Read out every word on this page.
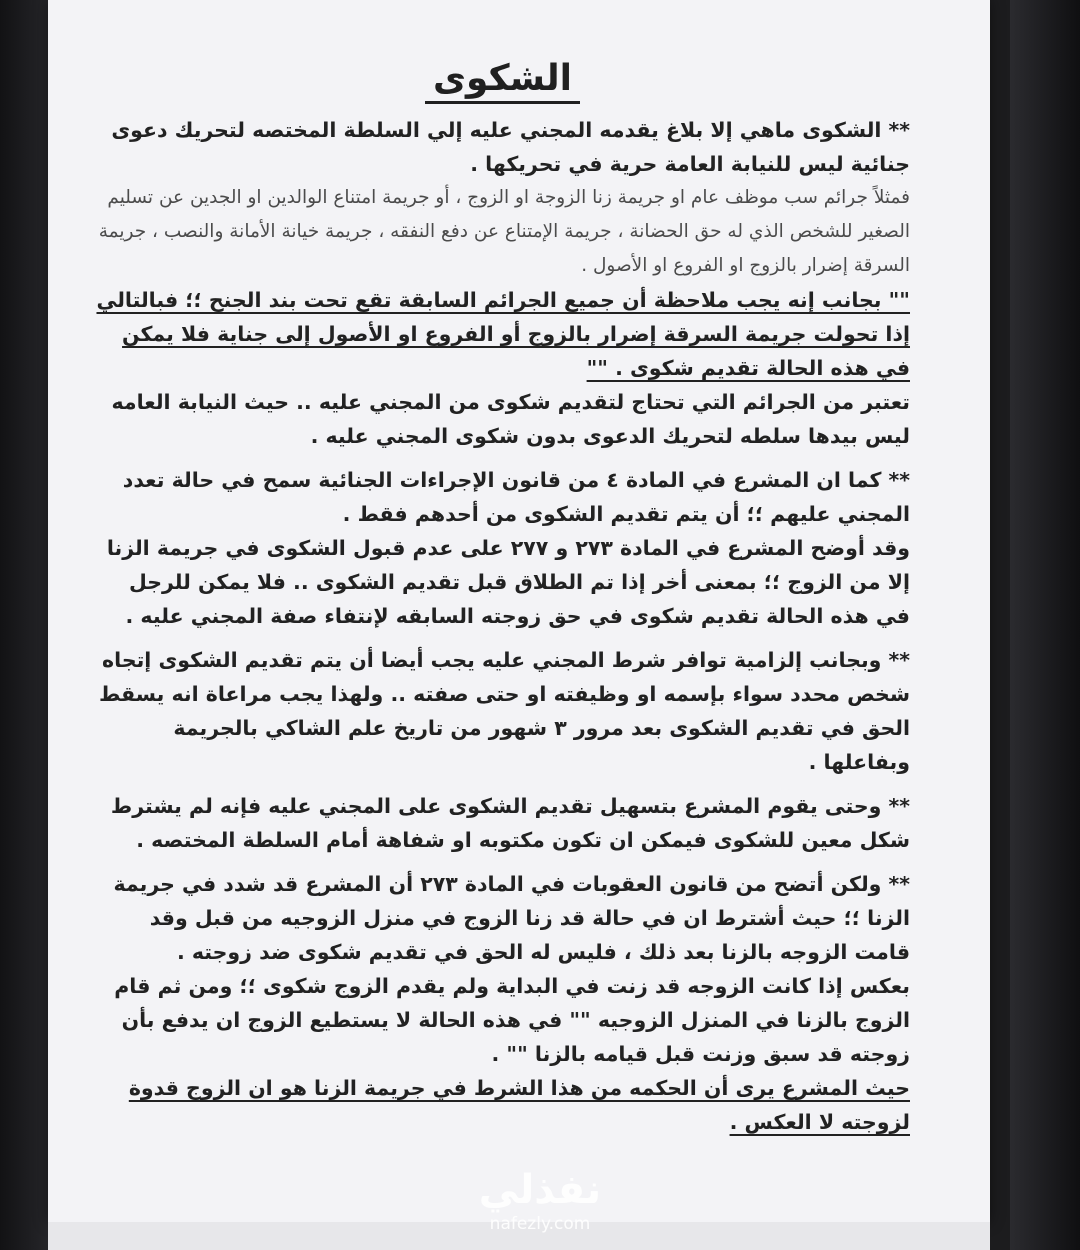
الشكوى

** الشكوى ماهي إلا بلاغ يقدمه المجني عليه إلي السلطة المختصه لتحريك دعوى جنائية ليس للنيابة العامة حرية في تحريكها .

فمثلاً جرائم سب موظف عام او جريمة زنا الزوجة او الزوج ، أو جريمة امتناع الوالدين او الجدين عن تسليم الصغير للشخص الذي له حق الحضانة ، جريمة الإمتناع عن دفع النفقه ، جريمة خيانة الأمانة والنصب ، جريمة السرقة إضرار بالزوج او الفروع او الأصول .

"" بجانب إنه يجب ملاحظة أن جميع الجرائم السابقة تقع تحت بند الجنح ؛؛ فبالتالي إذا تحولت جريمة السرقة إضرار بالزوج أو الفروع او الأصول إلى جناية فلا يمكن في هذه الحالة تقديم شكوى . ""

تعتبر من الجرائم التي تحتاج لتقديم شكوى من المجني عليه .. حيث النيابة العامه ليس بيدها سلطه لتحريك الدعوى بدون شكوى المجني عليه .

** كما ان المشرع في المادة ٤ من قانون الإجراءات الجنائية سمح في حالة تعدد المجني عليهم ؛؛ أن يتم تقديم الشكوى من أحدهم فقط .

وقد أوضح المشرع في المادة ٢٧٣ و ٢٧٧ على عدم قبول الشكوى في جريمة الزنا إلا من الزوج ؛؛ بمعنى أخر إذا تم الطلاق قبل تقديم الشكوى .. فلا يمكن للرجل في هذه الحالة تقديم شكوى في حق زوجته السابقه لإنتفاء صفة المجني عليه .

** وبجانب إلزامية توافر شرط المجني عليه يجب أيضا أن يتم تقديم الشكوى إتجاه شخص محدد سواء بإسمه او وظيفته او حتى صفته .. ولهذا يجب مراعاة انه يسقط الحق في تقديم الشكوى بعد مرور ٣ شهور من تاريخ علم الشاكي بالجريمة وبفاعلها .

** وحتى يقوم المشرع بتسهيل تقديم الشكوى على المجني عليه فإنه لم يشترط شكل معين للشكوى فيمكن ان تكون مكتوبه او شفاهة أمام السلطة المختصه .

** ولكن أتضح من قانون العقوبات في المادة ٢٧٣ أن المشرع قد شدد في جريمة الزنا ؛؛ حيث أشترط ان في حالة قد زنا الزوج في منزل الزوجيه من قبل وقد قامت الزوجه بالزنا بعد ذلك ، فليس له الحق في تقديم شكوى ضد زوجته .

بعكس إذا كانت الزوجه قد زنت في البداية ولم يقدم الزوج شكوى ؛؛ ومن ثم قام الزوج بالزنا في المنزل الزوجيه "" في هذه الحالة لا يستطيع الزوج ان يدفع بأن زوجته قد سبق وزنت قبل قيامه بالزنا "" .

حيث المشرع يرى أن الحكمه من هذا الشرط في جريمة الزنا هو ان الزوج قدوة لزوجته لا العكس .

نفذلي
nafezly.com
